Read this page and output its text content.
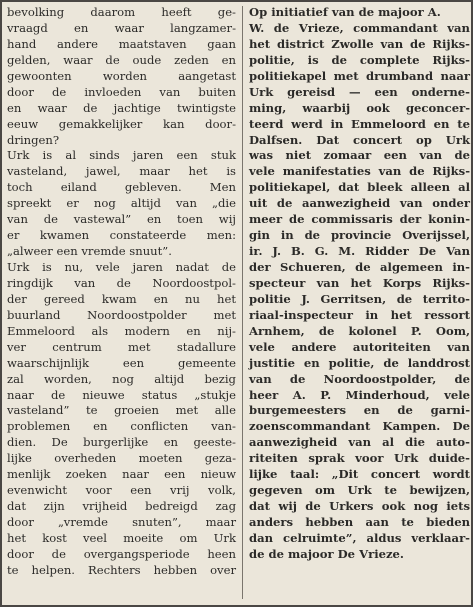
bevolking daarom heeft ge-
vraagd en waar langzamer-
hand andere maatstaven gaan
gelden, waar de oude zeden en
gewoonten worden aangetast
door de invloeden van buiten
en waar de jachtige twintigste
eeuw gemakkelijker kan door-
dringen?
Urk is al sinds jaren een stuk
vasteland, jawel, maar het is
toch eiland gebleven. Men
spreekt er nog altijd van „die
van de vastewal” en toen wij
er kwamen constateerde men:
„alweer een vremde snuut”.
Urk is nu, vele jaren nadat de
ringdijk van de Noordoostpol-
der gereed kwam en nu het
buurland Noordoostpolder met
Emmeloord als modern en nij-
ver centrum met stadallure
waarschijnlijk een gemeente
zal worden, nog altijd bezig
naar de nieuwe status „stukje
vasteland” te groeien met alle
problemen en conflicten van-
dien. De burgerlijke en geeste-
lijke overheden moeten geza-
menlijk zoeken naar een nieuw
evenwicht voor een vrij volk,
dat zijn vrijheid bedreigd zag
door „vremde snuten”, maar
het kost veel moeite om Urk
door de overgangsperiode heen
te helpen. Rechters hebben over
Op initiatief van de majoor A.
W. de Vrieze, commandant van
het district Zwolle van de Rijks-
politie, is de complete Rijks-
politiekapel met drumband naar
Urk gereisd — een onderne-
ming, waarbij ook geconcer-
teerd werd in Emmeloord en te
Dalfsen. Dat concert op Urk
was niet zomaar een van de
vele manifestaties van de Rijks-
politiekapel, dat bleek alleen al
uit de aanwezigheid van onder
meer de commissaris der konin-
gin in de provincie Overijssel,
ir. J. B. G. M. Ridder De Van
der Schueren, de algemeen in-
specteur van het Korps Rijks-
politie J. Gerritsen, de territo-
riaal-inspecteur in het ressort
Arnhem, de kolonel P. Oom,
vele andere autoriteiten van
justitie en politie, de landdrost
van de Noordoostpolder, de
heer A. P. Minderhoud, vele
burgemeesters en de garni-
zoenscommandant Kampen. De
aanwezigheid van al die auto-
riteiten sprak voor Urk duide-
lijke taal: „Dit concert wordt
gegeven om Urk te bewijzen,
dat wij de Urkers ook nog iets
anders hebben aan te bieden
dan celruimte”, aldus verklaar-
de de majoor De Vrieze.
